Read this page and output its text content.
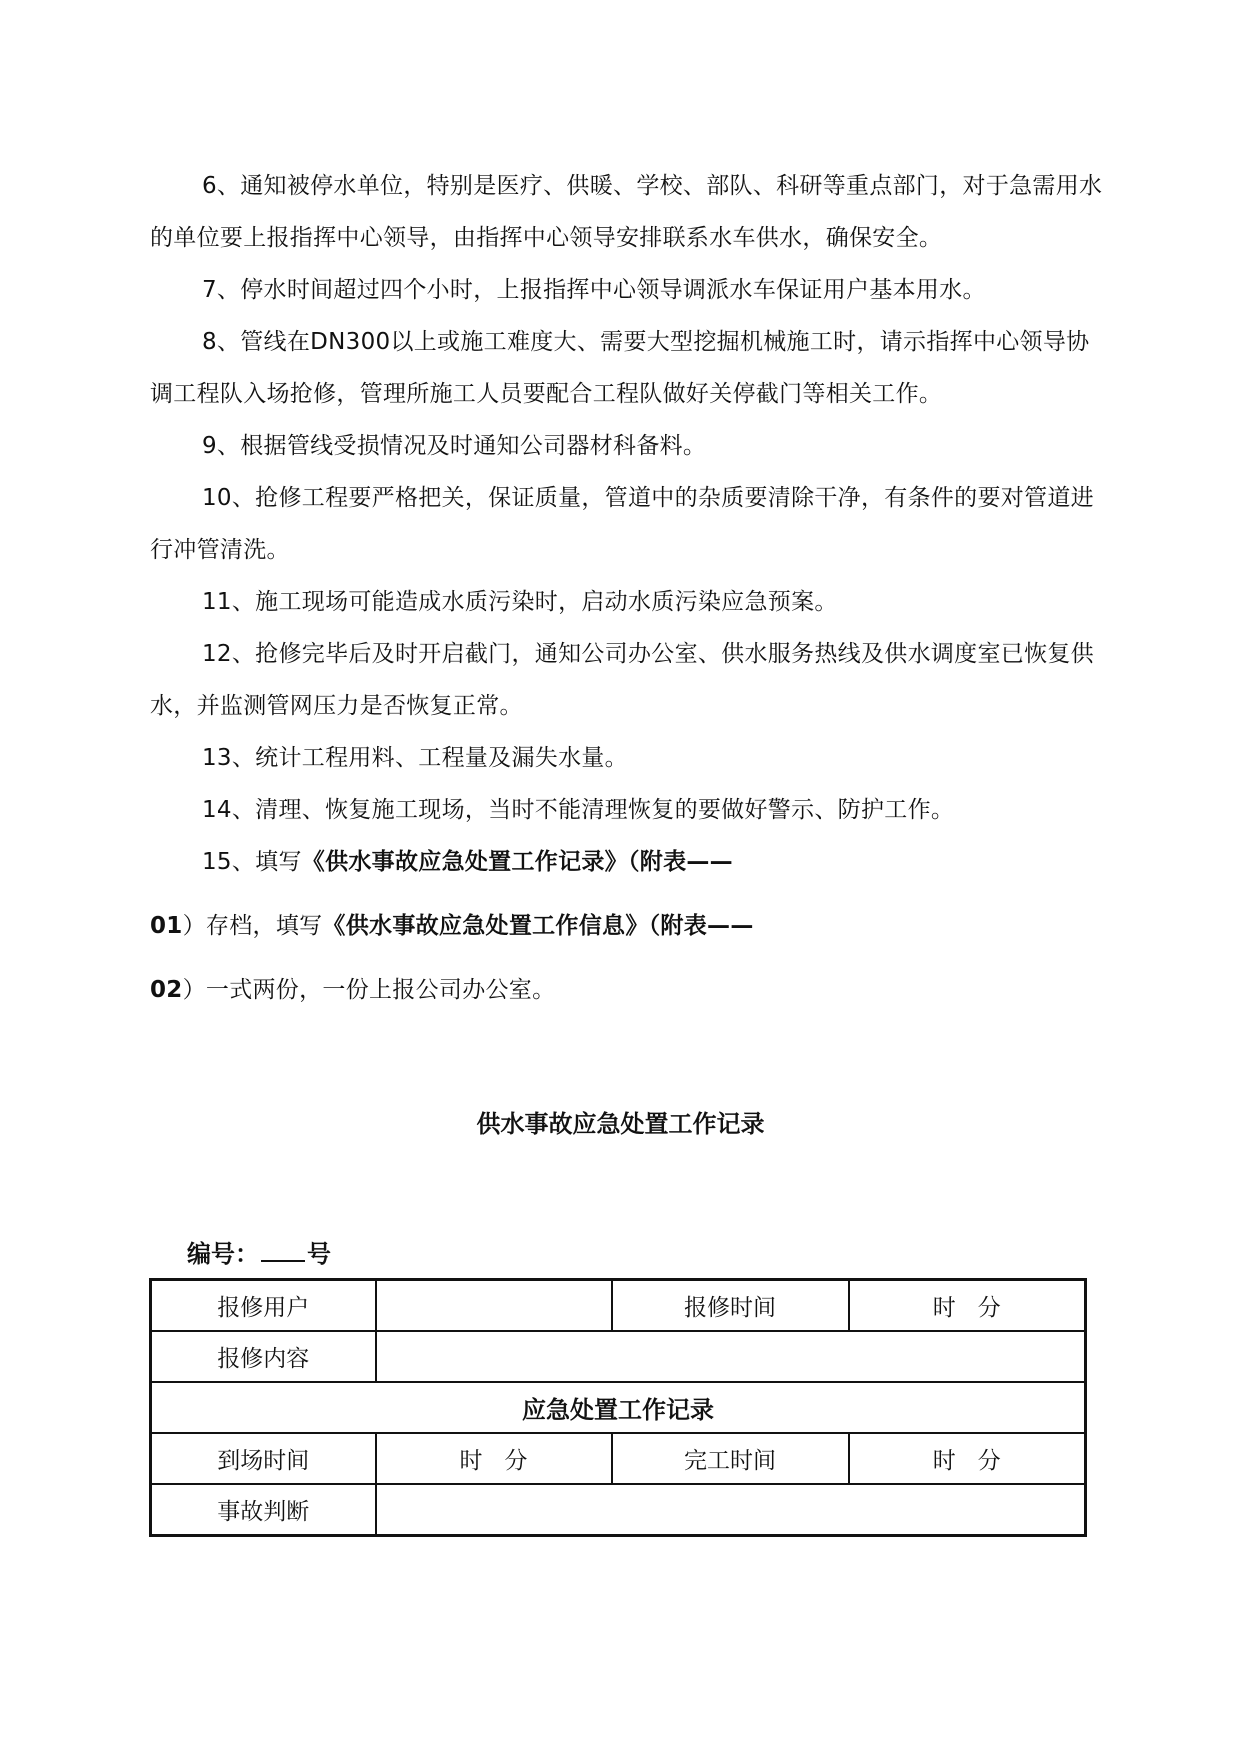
6、通知被停水单位，特别是医疗、供暖、学校、部队、科研等重点部门，对于急需用水的单位要上报指挥中心领导，由指挥中心领导安排联系水车供水，确保安全。

7、停水时间超过四个小时，上报指挥中心领导调派水车保证用户基本用水。

8、管线在DN300以上或施工难度大、需要大型挖掘机械施工时，请示指挥中心领导协调工程队入场抢修，管理所施工人员要配合工程队做好关停截门等相关工作。

9、根据管线受损情况及时通知公司器材科备料。

10、抢修工程要严格把关，保证质量，管道中的杂质要清除干净，有条件的要对管道进行冲管清洗。

11、施工现场可能造成水质污染时，启动水质污染应急预案。

12、抢修完毕后及时开启截门，通知公司办公室、供水服务热线及供水调度室已恢复供水，并监测管网压力是否恢复正常。

13、统计工程用料、工程量及漏失水量。

14、清理、恢复施工现场，当时不能清理恢复的要做好警示、防护工作。

15、填写《供水事故应急处置工作记录》（附表——

01）存档，填写《供水事故应急处置工作信息》（附表——

02）一式两份，一份上报公司办公室。

供水事故应急处置工作记录
编号： 号
报修用户		报修时间	时分
报修内容			
应急处置工作记录			
到场时间	时分	完工时间	时分
事故判断			
